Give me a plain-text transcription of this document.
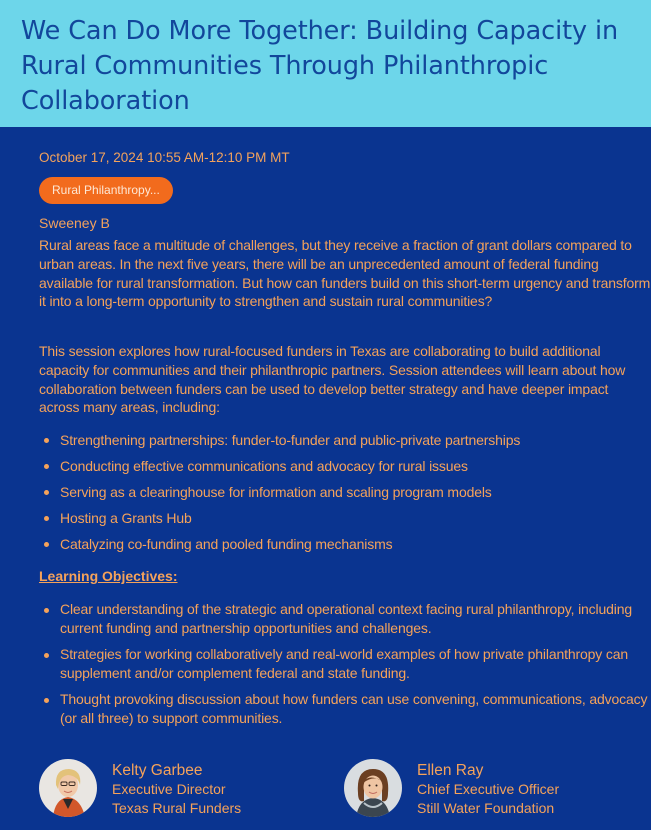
We Can Do More Together: Building Capacity in Rural Communities Through Philanthropic Collaboration
October 17, 2024 10:55 AM-12:10 PM MT
Rural Philanthropy...
Sweeney B

Rural areas face a multitude of challenges, but they receive a fraction of grant dollars compared to urban areas. In the next five years, there will be an unprecedented amount of federal funding available for rural transformation. But how can funders build on this short-term urgency and transform it into a long-term opportunity to strengthen and sustain rural communities?

This session explores how rural-focused funders in Texas are collaborating to build additional capacity for communities and their philanthropic partners. Session attendees will learn about how collaboration between funders can be used to develop better strategy and have deeper impact across many areas, including:

Strengthening partnerships: funder-to-funder and public-private partnerships
Conducting effective communications and advocacy for rural issues
Serving as a clearinghouse for information and scaling program models
Hosting a Grants Hub
Catalyzing co-funding and pooled funding mechanisms
Learning Objectives:
Clear understanding of the strategic and operational context facing rural philanthropy, including current funding and partnership opportunities and challenges.
Strategies for working collaboratively and real-world examples of how private philanthropy can supplement and/or complement federal and state funding.
Thought provoking discussion about how funders can use convening, communications, advocacy (or all three) to support communities.
Kelty Garbee
Executive Director
Texas Rural Funders
Ellen Ray
Chief Executive Officer
Still Water Foundation
